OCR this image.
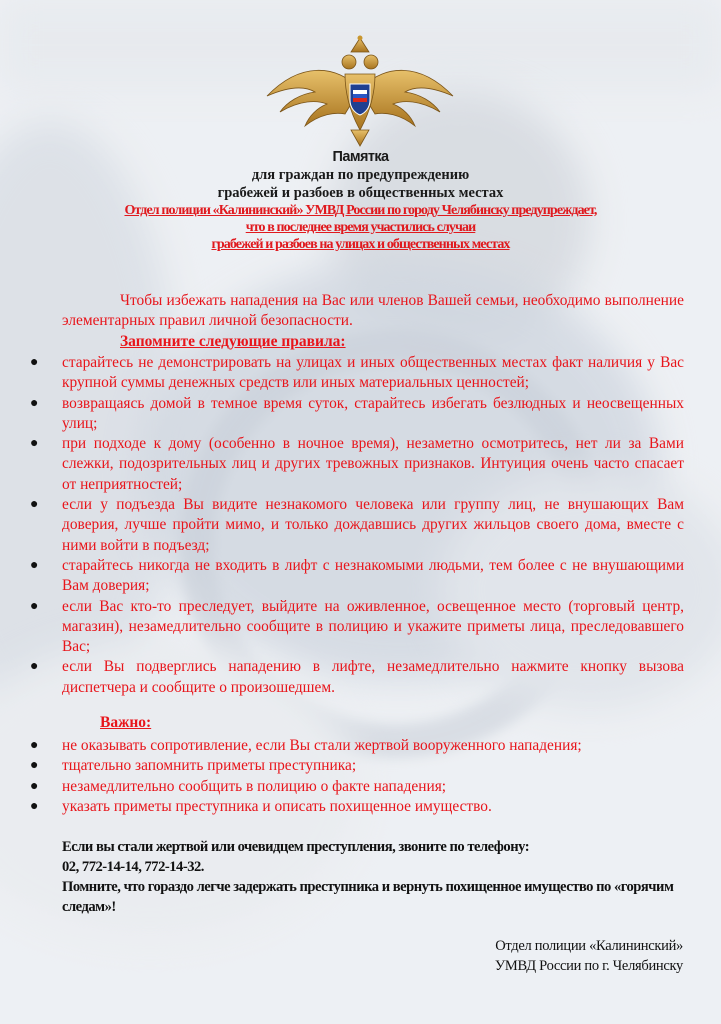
Памятка
для граждан по предупреждению
грабежей и разбоев в общественных местах
Отдел полиции «Калининский» УМВД России по городу Челябинску предупреждает,
что в последнее время участились случаи
грабежей и разбоев на улицах и общественных местах
Чтобы избежать нападения на Вас или членов Вашей семьи, необходимо выполнение элементарных правил личной безопасности.
Запомните следующие правила:
● старайтесь не демонстрировать на улицах и иных общественных местах факт наличия у Вас крупной суммы денежных средств или иных материальных ценностей;
● возвращаясь домой в темное время суток, старайтесь избегать безлюдных и неосвещенных улиц;
● при подходе к дому (особенно в ночное время), незаметно осмотритесь, нет ли за Вами слежки, подозрительных лиц и других тревожных признаков. Интуиция очень часто спасает от неприятностей;
● если у подъезда Вы видите незнакомого человека или группу лиц, не внушающих Вам доверия, лучше пройти мимо, и только дождавшись других жильцов своего дома, вместе с ними войти в подъезд;
● старайтесь никогда не входить в лифт с незнакомыми людьми, тем более с не внушающими Вам доверия;
● если Вас кто-то преследует, выйдите на оживленное, освещенное место (торговый центр, магазин), незамедлительно сообщите в полицию и укажите приметы лица, преследовавшего Вас;
● если Вы подверглись нападению в лифте, незамедлительно нажмите кнопку вызова диспетчера и сообщите о произошедшем.
Важно:
● не оказывать сопротивление, если Вы стали жертвой вооруженного нападения;
● тщательно запомнить приметы преступника;
● незамедлительно сообщить в полицию о факте нападения;
● указать приметы преступника и описать похищенное имущество.
Если вы стали жертвой или очевидцем преступления, звоните по телефону:
02, 772-14-14, 772-14-32.
Помните, что гораздо легче задержать преступника и вернуть похищенное имущество по «горячим следам»!
Отдел полиции «Калининский»
УМВД России по г. Челябинску
